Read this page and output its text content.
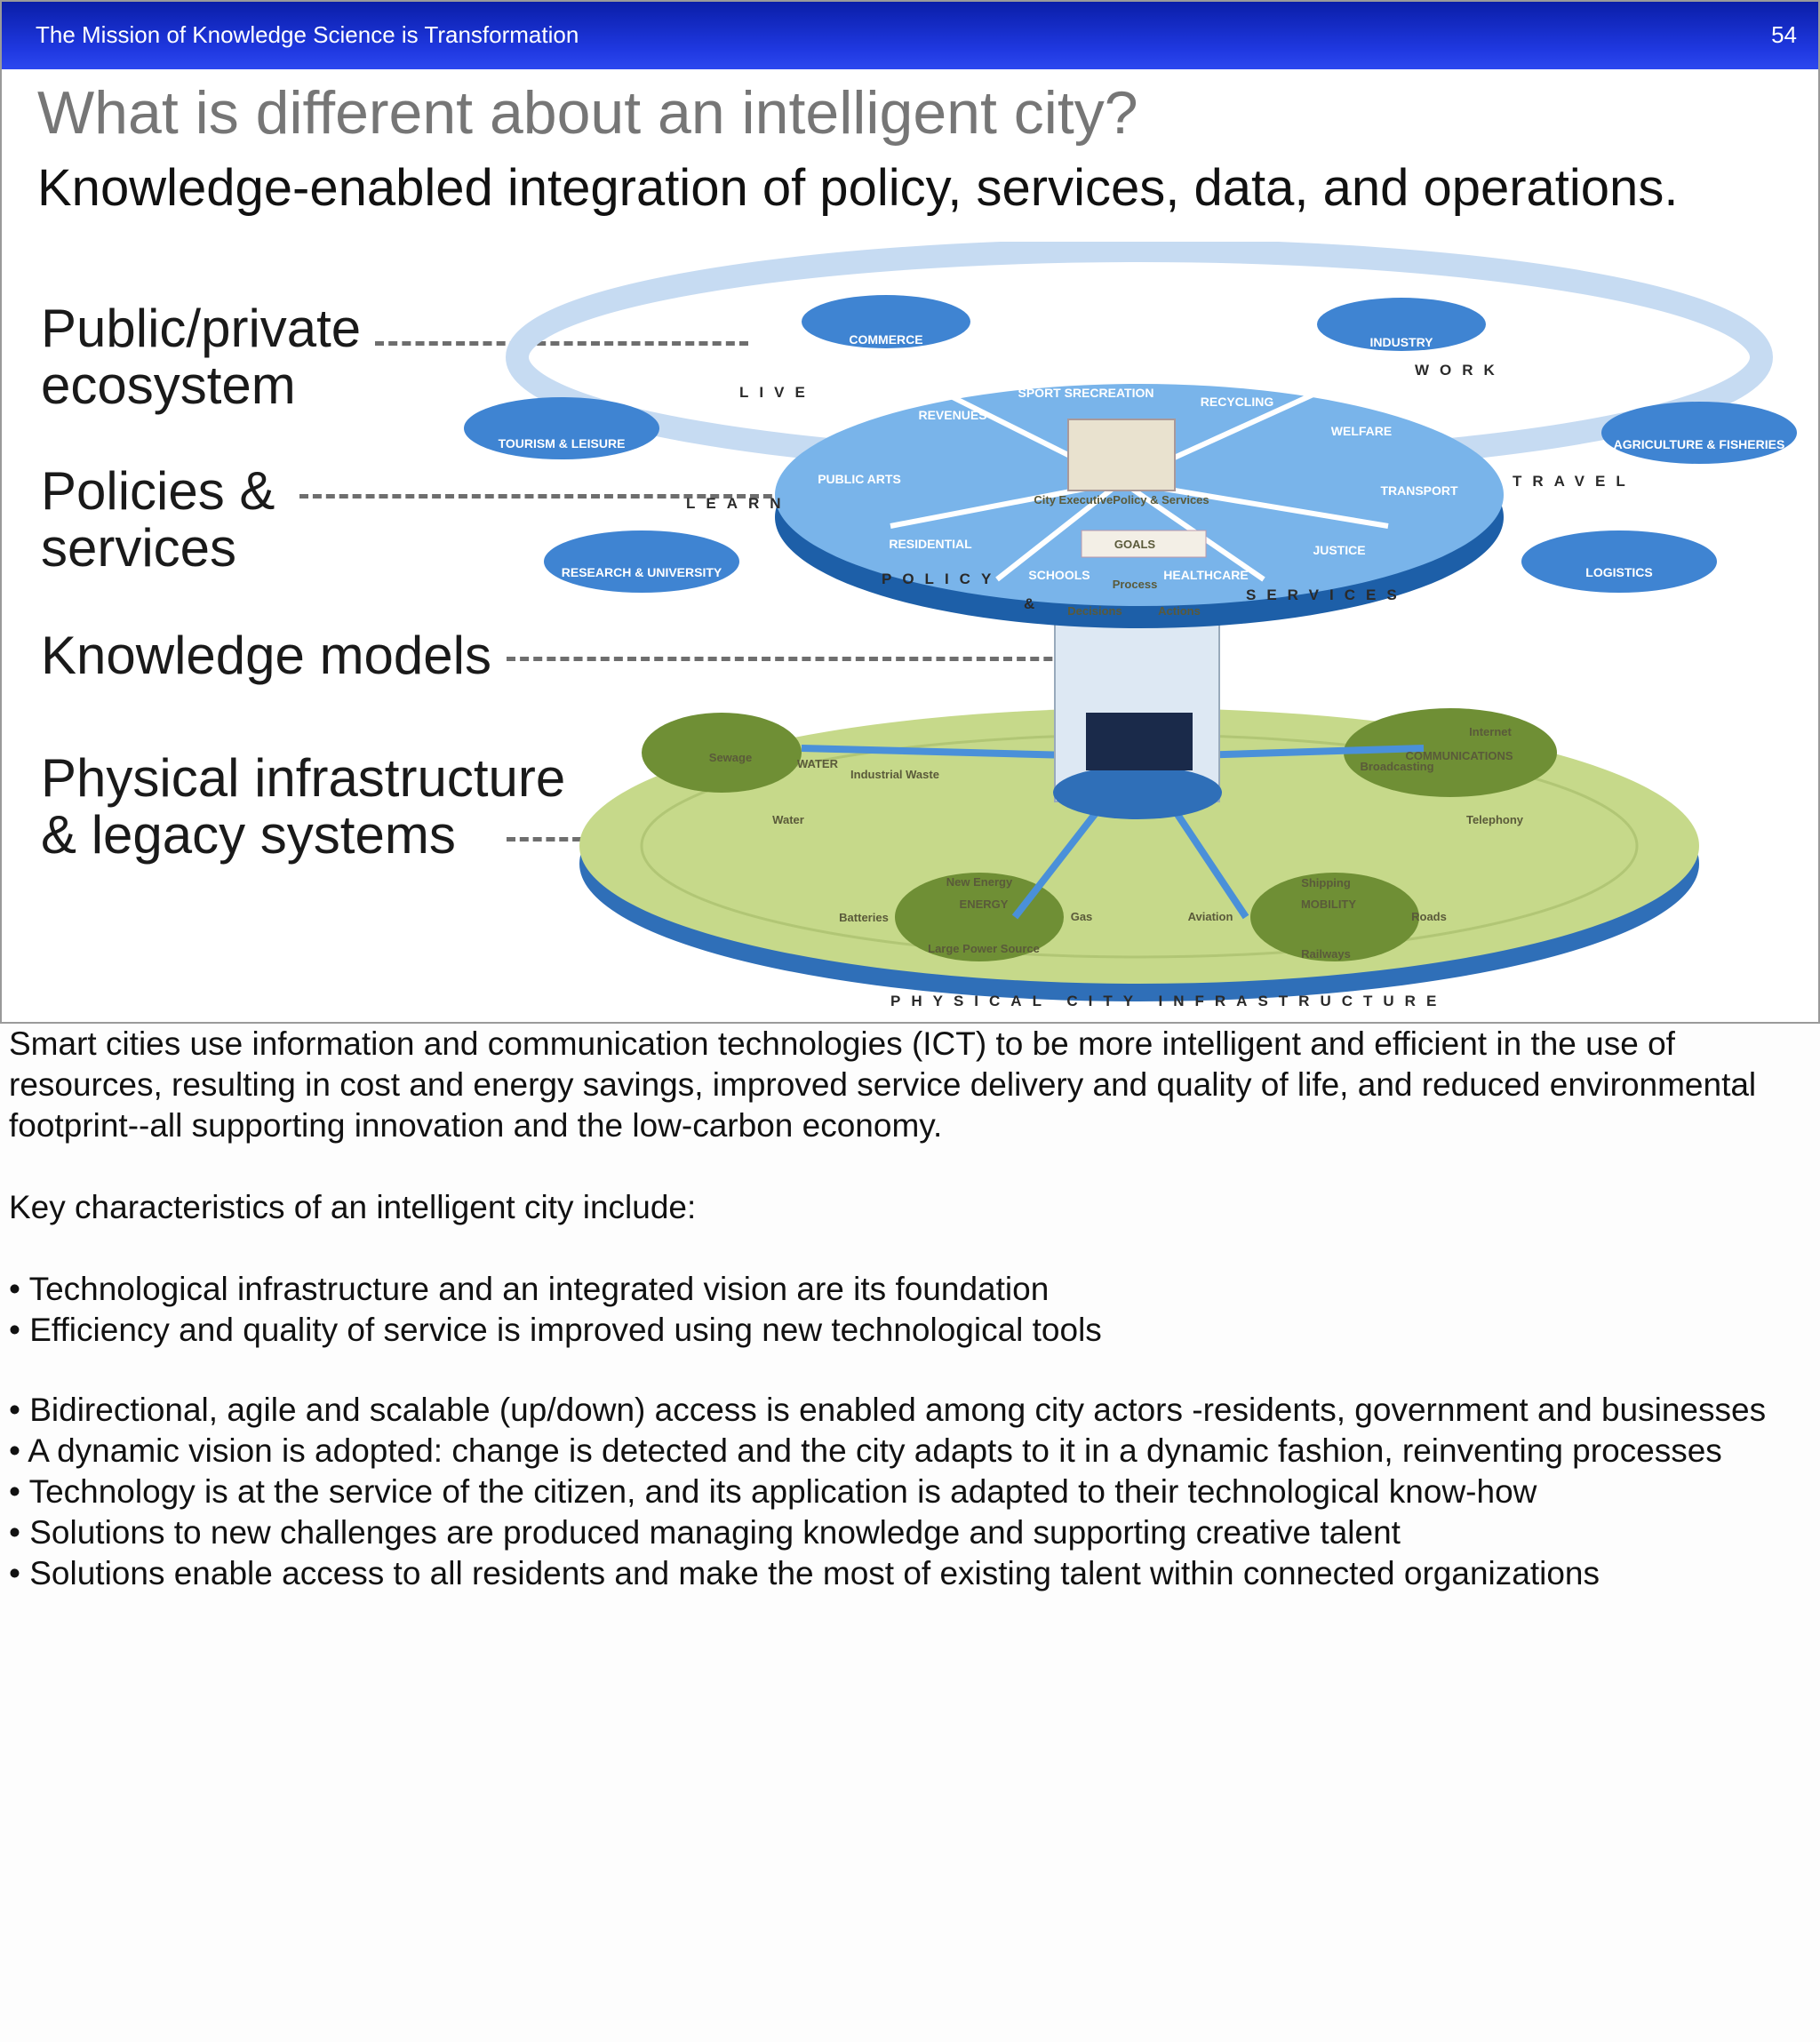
The Mission of Knowledge Science is Transformation	54
What is different about an intelligent city?
Knowledge-enabled integration of policy, services, data, and operations.
Public/private
ecosystem
Policies &
services
Knowledge models
Physical infrastructure
& legacy systems
COMMERCE	INDUSTRY
TOURISM & LEISURE	AGRICULTURE & FISHERIES
RESEARCH & UNIVERSITY	LOGISTICS
LIVE
WORK
LEARN
TRAVEL
REVENUES
SPORT SRECREATION
RECYCLING
PUBLIC ARTS
WELFARE
TRANSPORT
RESIDENTIAL	JUSTICE
SCHOOLS	HEALTHCARE
City ExecutivePolicy & Services
GOALS
Process
Decisions	Actions
POLICY
&
SERVICES
Sewage	WATER
Industrial Waste
Water
Broadcasting
COMMUNICATIONS
Internet
Telephony
Batteries
New Energy
ENERGY
Large Power Source
Gas	Aviation
Shipping
MOBILITY
Railways
Roads
PHYSICAL CITY INFRASTRUCTURE

Smart cities use information and communication technologies (ICT) to be more intelligent and efficient in the use of resources, resulting in cost and energy savings, improved service delivery and quality of life, and reduced environmental footprint--all supporting innovation and the low-carbon economy.

Key characteristics of an intelligent city include:

• Technological infrastructure and an integrated vision are its foundation

• Efficiency and quality of service is improved using new technological tools

• Bidirectional, agile and scalable (up/down) access is enabled among city actors -residents, government and businesses

• A dynamic vision is adopted: change is detected and the city adapts to it in a dynamic fashion, reinventing processes

• Technology is at the service of the citizen, and its application is adapted to their technological know-how

• Solutions to new challenges are produced managing knowledge and supporting creative talent

• Solutions enable access to all residents and make the most of existing talent within connected organizations
